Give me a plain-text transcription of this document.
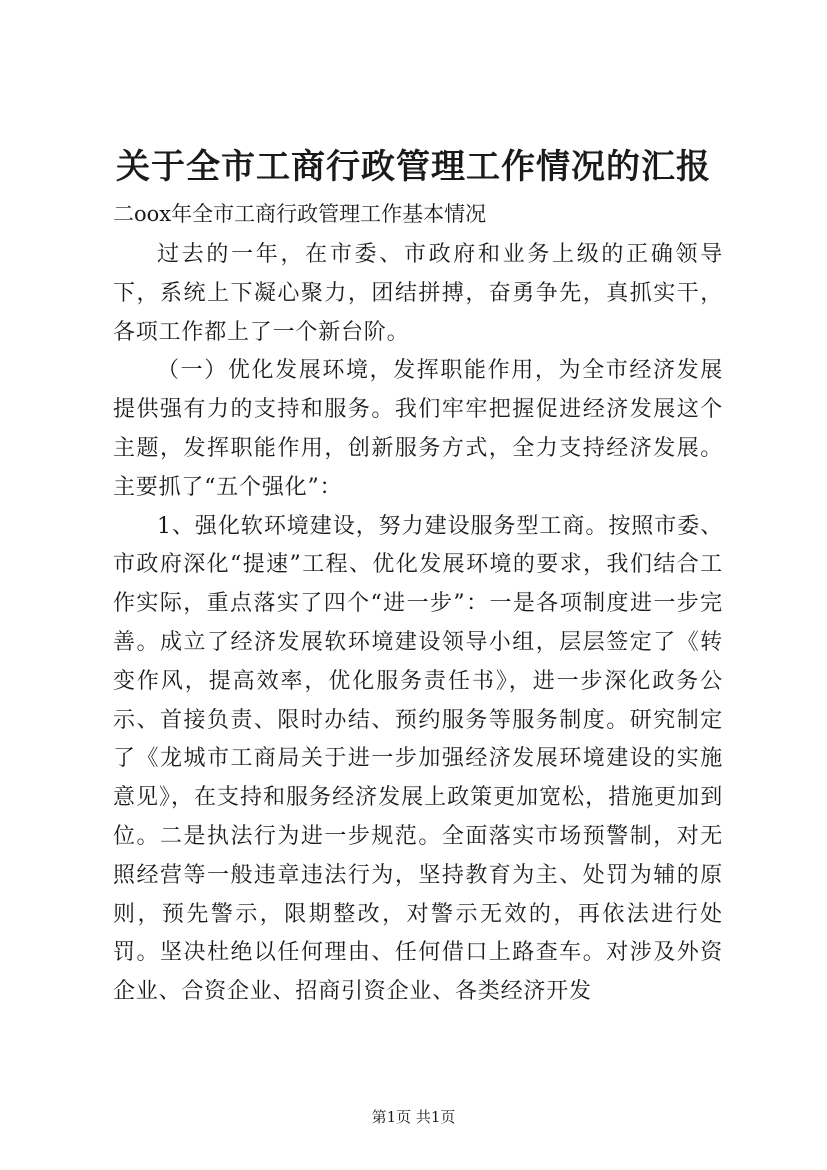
关于全市工商行政管理工作情况的汇报

二oox年全市工商行政管理工作基本情况

过去的一年，在市委、市政府和业务上级的正确领导下，系统上下凝心聚力，团结拼搏，奋勇争先，真抓实干，各项工作都上了一个新台阶。

（一）优化发展环境，发挥职能作用，为全市经济发展提供强有力的支持和服务。我们牢牢把握促进经济发展这个主题，发挥职能作用，创新服务方式，全力支持经济发展。主要抓了“五个强化”：

1、强化软环境建设，努力建设服务型工商。按照市委、市政府深化“提速”工程、优化发展环境的要求，我们结合工作实际，重点落实了四个“进一步”：一是各项制度进一步完善。成立了经济发展软环境建设领导小组，层层签定了《转变作风，提高效率，优化服务责任书》，进一步深化政务公示、首接负责、限时办结、预约服务等服务制度。研究制定了《龙城市工商局关于进一步加强经济发展环境建设的实施意见》，在支持和服务经济发展上政策更加宽松，措施更加到位。二是执法行为进一步规范。全面落实市场预警制，对无照经营等一般违章违法行为，坚持教育为主、处罚为辅的原则，预先警示，限期整改，对警示无效的，再依法进行处罚。坚决杜绝以任何理由、任何借口上路查车。对涉及外资企业、合资企业、招商引资企业、各类经济开发

第1页 共1页
